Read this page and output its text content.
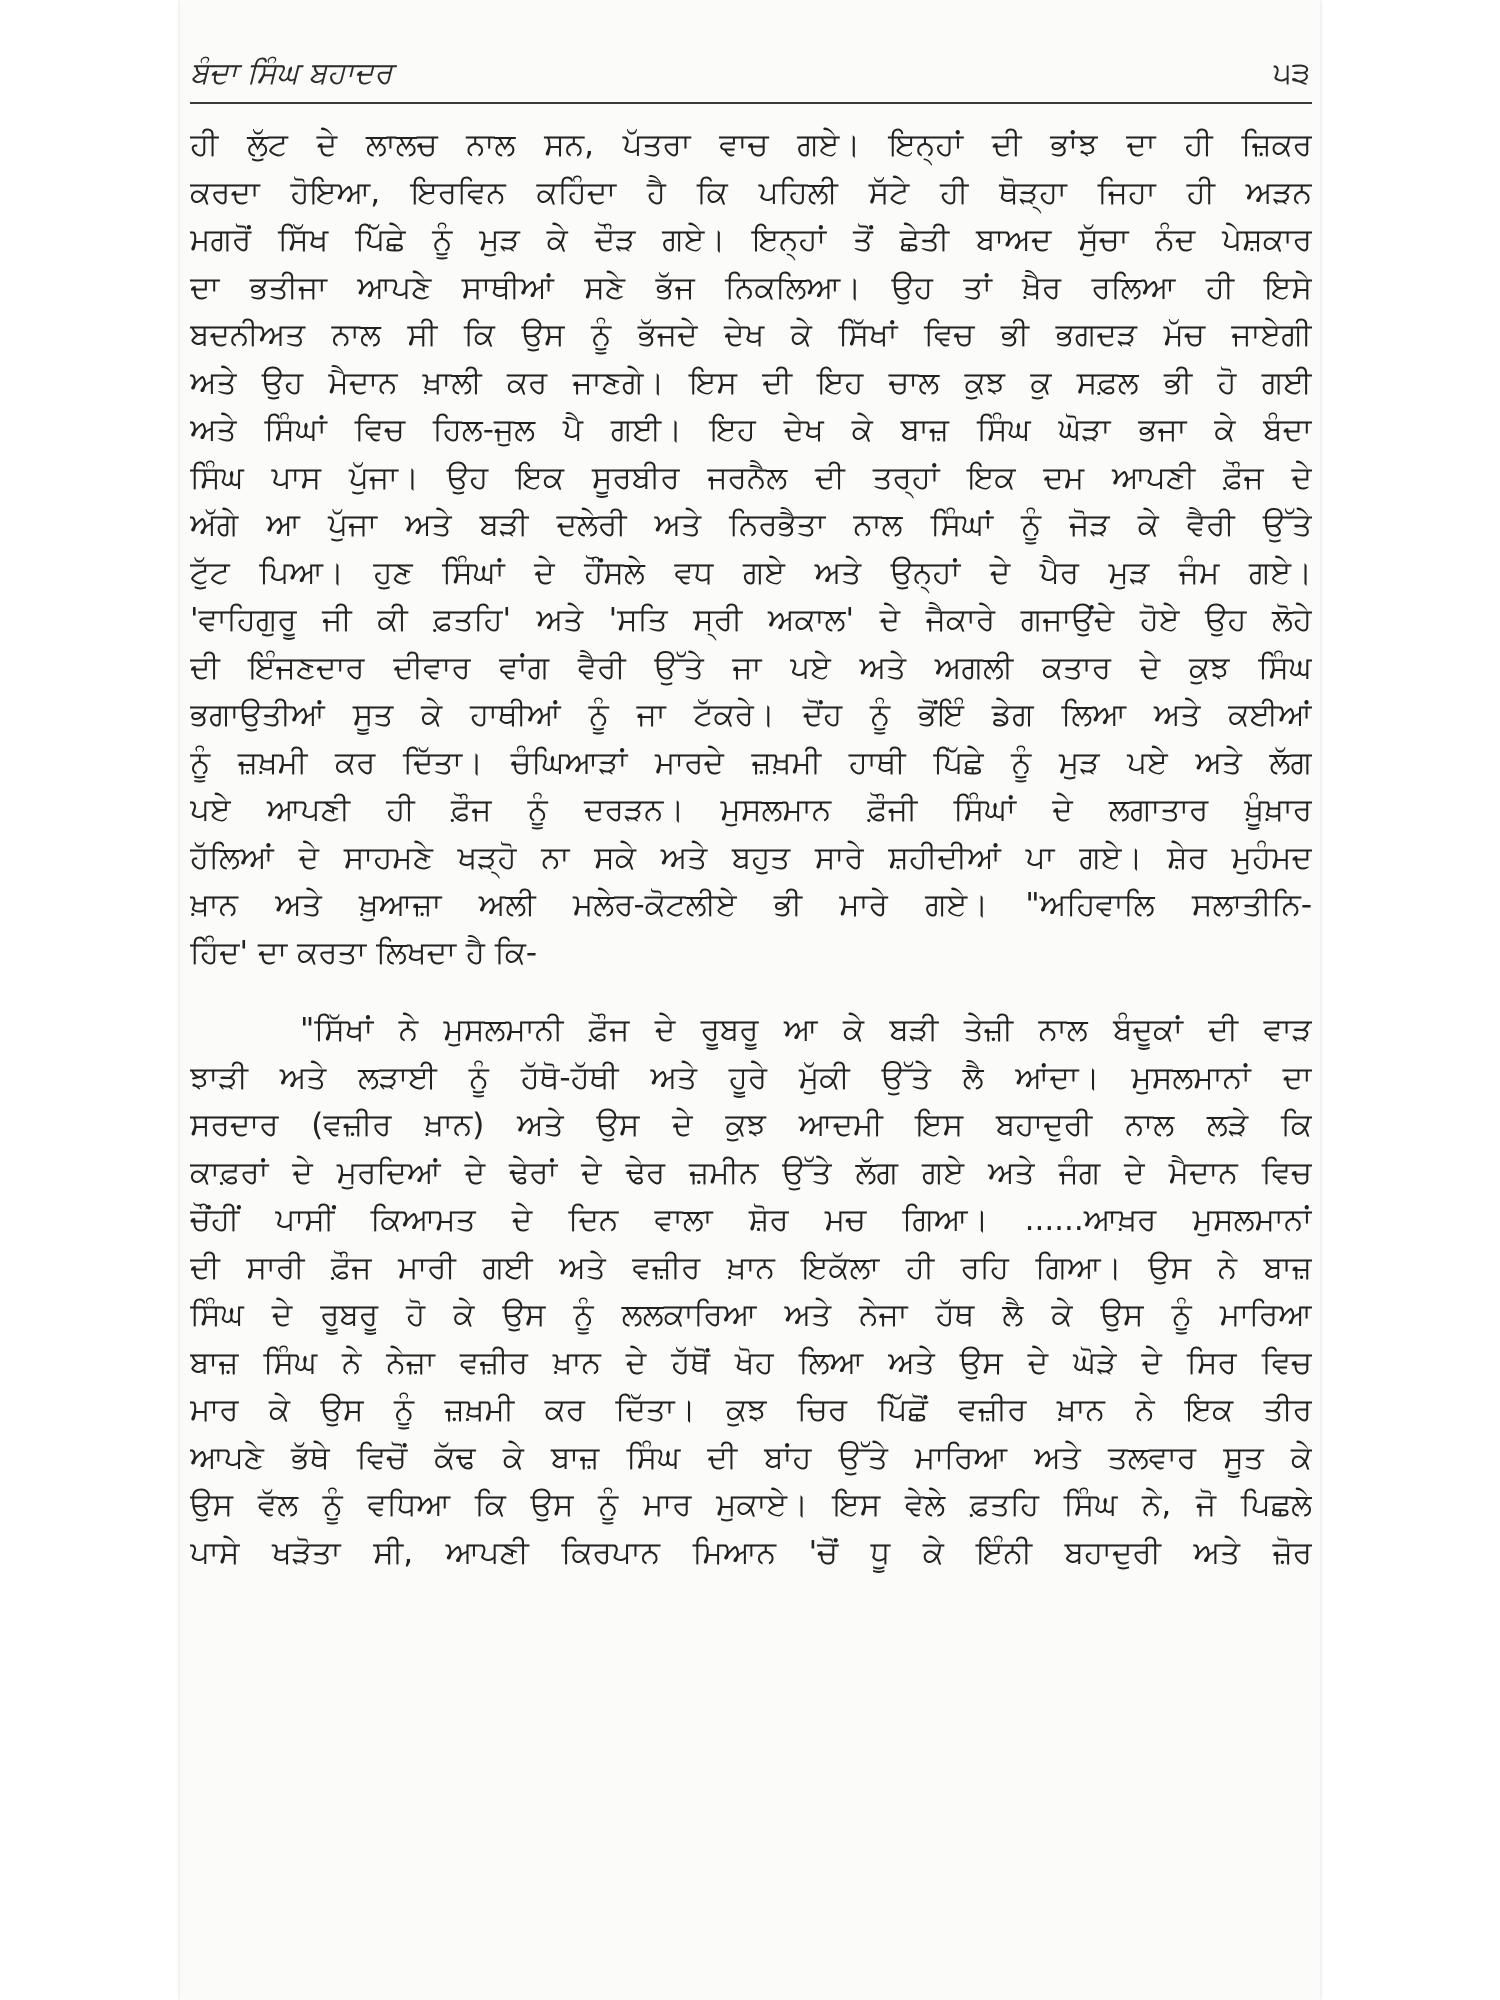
ਬੰਦਾ ਸਿੰਘ ਬਹਾਦਰ	੫੩
ਹੀ ਲੁੱਟ ਦੇ ਲਾਲਚ ਨਾਲ ਸਨ, ਪੱਤਰਾ ਵਾਚ ਗਏ। ਇਨ੍ਹਾਂ ਦੀ ਭਾਂਝ ਦਾ ਹੀ ਜ਼ਿਕਰ
ਕਰਦਾ ਹੋਇਆ, ਇਰਵਿਨ ਕਹਿੰਦਾ ਹੈ ਕਿ ਪਹਿਲੀ ਸੱਟੇ ਹੀ ਥੋੜ੍ਹਾ ਜਿਹਾ ਹੀ ਅੜਨ
ਮਗਰੋਂ ਸਿੱਖ ਪਿੱਛੇ ਨੂੰ ਮੁੜ ਕੇ ਦੌੜ ਗਏ। ਇਨ੍ਹਾਂ ਤੋਂ ਛੇਤੀ ਬਾਅਦ ਸੁੱਚਾ ਨੰਦ ਪੇਸ਼ਕਾਰ
ਦਾ ਭਤੀਜਾ ਆਪਣੇ ਸਾਥੀਆਂ ਸਣੇ ਭੱਜ ਨਿਕਲਿਆ। ਉਹ ਤਾਂ ਖ਼ੈਰ ਰਲਿਆ ਹੀ ਇਸੇ
ਬਦਨੀਅਤ ਨਾਲ ਸੀ ਕਿ ਉਸ ਨੂੰ ਭੱਜਦੇ ਦੇਖ ਕੇ ਸਿੱਖਾਂ ਵਿਚ ਭੀ ਭਗਦੜ ਮੱਚ ਜਾਏਗੀ
ਅਤੇ ਉਹ ਮੈਦਾਨ ਖ਼ਾਲੀ ਕਰ ਜਾਣਗੇ। ਇਸ ਦੀ ਇਹ ਚਾਲ ਕੁਝ ਕੁ ਸਫ਼ਲ ਭੀ ਹੋ ਗਈ
ਅਤੇ ਸਿੰਘਾਂ ਵਿਚ ਹਿਲ-ਜੁਲ ਪੈ ਗਈ। ਇਹ ਦੇਖ ਕੇ ਬਾਜ਼ ਸਿੰਘ ਘੋੜਾ ਭਜਾ ਕੇ ਬੰਦਾ
ਸਿੰਘ ਪਾਸ ਪੁੱਜਾ। ਉਹ ਇਕ ਸੂਰਬੀਰ ਜਰਨੈਲ ਦੀ ਤਰ੍ਹਾਂ ਇਕ ਦਮ ਆਪਣੀ ਫ਼ੌਜ ਦੇ
ਅੱਗੇ ਆ ਪੁੱਜਾ ਅਤੇ ਬੜੀ ਦਲੇਰੀ ਅਤੇ ਨਿਰਭੈਤਾ ਨਾਲ ਸਿੰਘਾਂ ਨੂੰ ਜੋੜ ਕੇ ਵੈਰੀ ਉੱਤੇ
ਟੁੱਟ ਪਿਆ। ਹੁਣ ਸਿੰਘਾਂ ਦੇ ਹੌਂਸਲੇ ਵਧ ਗਏ ਅਤੇ ਉਨ੍ਹਾਂ ਦੇ ਪੈਰ ਮੁੜ ਜੰਮ ਗਏ।
'ਵਾਹਿਗੁਰੂ ਜੀ ਕੀ ਫ਼ਤਹਿ' ਅਤੇ 'ਸਤਿ ਸ੍ਰੀ ਅਕਾਲ' ਦੇ ਜੈਕਾਰੇ ਗਜਾਉਂਦੇ ਹੋਏ ਉਹ ਲੋਹੇ
ਦੀ ਇੰਜਣਦਾਰ ਦੀਵਾਰ ਵਾਂਗ ਵੈਰੀ ਉੱਤੇ ਜਾ ਪਏ ਅਤੇ ਅਗਲੀ ਕਤਾਰ ਦੇ ਕੁਝ ਸਿੰਘ
ਭਗਾਉਤੀਆਂ ਸੂਤ ਕੇ ਹਾਥੀਆਂ ਨੂੰ ਜਾ ਟੱਕਰੇ। ਦੋਂਹ ਨੂੰ ਭੋਂਇੰ ਡੇਗ ਲਿਆ ਅਤੇ ਕਈਆਂ
ਨੂੰ ਜ਼ਖ਼ਮੀ ਕਰ ਦਿੱਤਾ। ਚੰਘਿਆੜਾਂ ਮਾਰਦੇ ਜ਼ਖ਼ਮੀ ਹਾਥੀ ਪਿੱਛੇ ਨੂੰ ਮੁੜ ਪਏ ਅਤੇ ਲੱਗ
ਪਏ ਆਪਣੀ ਹੀ ਫ਼ੌਜ ਨੂੰ ਦਰੜਨ। ਮੁਸਲਮਾਨ ਫ਼ੌਜੀ ਸਿੰਘਾਂ ਦੇ ਲਗਾਤਾਰ ਖ਼ੂੰਖ਼ਾਰ
ਹੱਲਿਆਂ ਦੇ ਸਾਹਮਣੇ ਖੜ੍ਹੋ ਨਾ ਸਕੇ ਅਤੇ ਬਹੁਤ ਸਾਰੇ ਸ਼ਹੀਦੀਆਂ ਪਾ ਗਏ। ਸ਼ੇਰ ਮੁਹੰਮਦ
ਖ਼ਾਨ ਅਤੇ ਖ਼ੁਆਜ਼ਾ ਅਲੀ ਮਲੇਰ-ਕੋਟਲੀਏ ਭੀ ਮਾਰੇ ਗਏ। "ਅਹਿਵਾਲਿ ਸਲਾਤੀਨਿ-
ਹਿੰਦ' ਦਾ ਕਰਤਾ ਲਿਖਦਾ ਹੈ ਕਿ-
"ਸਿੱਖਾਂ ਨੇ ਮੁਸਲਮਾਨੀ ਫ਼ੌਜ ਦੇ ਰੂਬਰੂ ਆ ਕੇ ਬੜੀ ਤੇਜ਼ੀ ਨਾਲ ਬੰਦੂਕਾਂ ਦੀ ਵਾੜ
ਝਾੜੀ ਅਤੇ ਲੜਾਈ ਨੂੰ ਹੱਥੋ-ਹੱਥੀ ਅਤੇ ਹੂਰੇ ਮੁੱਕੀ ਉੱਤੇ ਲੈ ਆਂਦਾ। ਮੁਸਲਮਾਨਾਂ ਦਾ
ਸਰਦਾਰ (ਵਜ਼ੀਰ ਖ਼ਾਨ) ਅਤੇ ਉਸ ਦੇ ਕੁਝ ਆਦਮੀ ਇਸ ਬਹਾਦੁਰੀ ਨਾਲ ਲੜੇ ਕਿ
ਕਾਫ਼ਰਾਂ ਦੇ ਮੁਰਦਿਆਂ ਦੇ ਢੇਰਾਂ ਦੇ ਢੇਰ ਜ਼ਮੀਨ ਉੱਤੇ ਲੱਗ ਗਏ ਅਤੇ ਜੰਗ ਦੇ ਮੈਦਾਨ ਵਿਚ
ਚੌਂਹੀਂ ਪਾਸੀਂ ਕਿਆਮਤ ਦੇ ਦਿਨ ਵਾਲਾ ਸ਼ੋਰ ਮਚ ਗਿਆ। ......ਆਖ਼ਰ ਮੁਸਲਮਾਨਾਂ
ਦੀ ਸਾਰੀ ਫ਼ੌਜ ਮਾਰੀ ਗਈ ਅਤੇ ਵਜ਼ੀਰ ਖ਼ਾਨ ਇਕੱਲਾ ਹੀ ਰਹਿ ਗਿਆ। ਉਸ ਨੇ ਬਾਜ਼
ਸਿੰਘ ਦੇ ਰੂਬਰੂ ਹੋ ਕੇ ਉਸ ਨੂੰ ਲਲਕਾਰਿਆ ਅਤੇ ਨੇਜਾ ਹੱਥ ਲੈ ਕੇ ਉਸ ਨੂੰ ਮਾਰਿਆ
ਬਾਜ਼ ਸਿੰਘ ਨੇ ਨੇਜ਼ਾ ਵਜ਼ੀਰ ਖ਼ਾਨ ਦੇ ਹੱਥੋਂ ਖੋਹ ਲਿਆ ਅਤੇ ਉਸ ਦੇ ਘੋੜੇ ਦੇ ਸਿਰ ਵਿਚ
ਮਾਰ ਕੇ ਉਸ ਨੂੰ ਜ਼ਖ਼ਮੀ ਕਰ ਦਿੱਤਾ। ਕੁਝ ਚਿਰ ਪਿੱਛੋਂ ਵਜ਼ੀਰ ਖ਼ਾਨ ਨੇ ਇਕ ਤੀਰ
ਆਪਣੇ ਭੱਥੇ ਵਿਚੋਂ ਕੱਢ ਕੇ ਬਾਜ਼ ਸਿੰਘ ਦੀ ਬਾਂਹ ਉੱਤੇ ਮਾਰਿਆ ਅਤੇ ਤਲਵਾਰ ਸੂਤ ਕੇ
ਉਸ ਵੱਲ ਨੂੰ ਵਧਿਆ ਕਿ ਉਸ ਨੂੰ ਮਾਰ ਮੁਕਾਏ। ਇਸ ਵੇਲੇ ਫ਼ਤਹਿ ਸਿੰਘ ਨੇ, ਜੋ ਪਿਛਲੇ
ਪਾਸੇ ਖੜੋਤਾ ਸੀ, ਆਪਣੀ ਕਿਰਪਾਨ ਮਿਆਨ 'ਚੋਂ ਧੂ ਕੇ ਇੰਨੀ ਬਹਾਦੁਰੀ ਅਤੇ ਜ਼ੋਰ
